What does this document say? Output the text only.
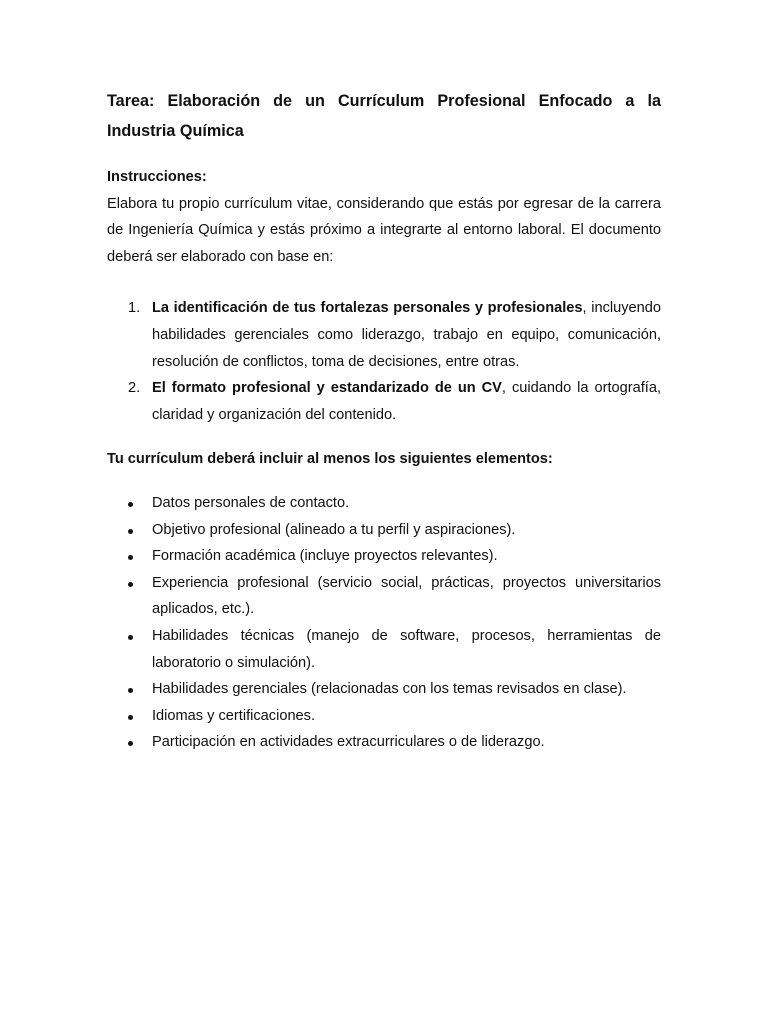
Tarea: Elaboración de un Currículum Profesional Enfocado a la Industria Química

Instrucciones:

Elabora tu propio currículum vitae, considerando que estás por egresar de la carrera de Ingeniería Química y estás próximo a integrarte al entorno laboral. El documento deberá ser elaborado con base en:

1. La identificación de tus fortalezas personales y profesionales, incluyendo habilidades gerenciales como liderazgo, trabajo en equipo, comunicación, resolución de conflictos, toma de decisiones, entre otras.
2. El formato profesional y estandarizado de un CV, cuidando la ortografía, claridad y organización del contenido.

Tu currículum deberá incluir al menos los siguientes elementos:

Datos personales de contacto.
Objetivo profesional (alineado a tu perfil y aspiraciones).
Formación académica (incluye proyectos relevantes).
Experiencia profesional (servicio social, prácticas, proyectos universitarios aplicados, etc.).
Habilidades técnicas (manejo de software, procesos, herramientas de laboratorio o simulación).
Habilidades gerenciales (relacionadas con los temas revisados en clase).
Idiomas y certificaciones.
Participación en actividades extracurriculares o de liderazgo.
